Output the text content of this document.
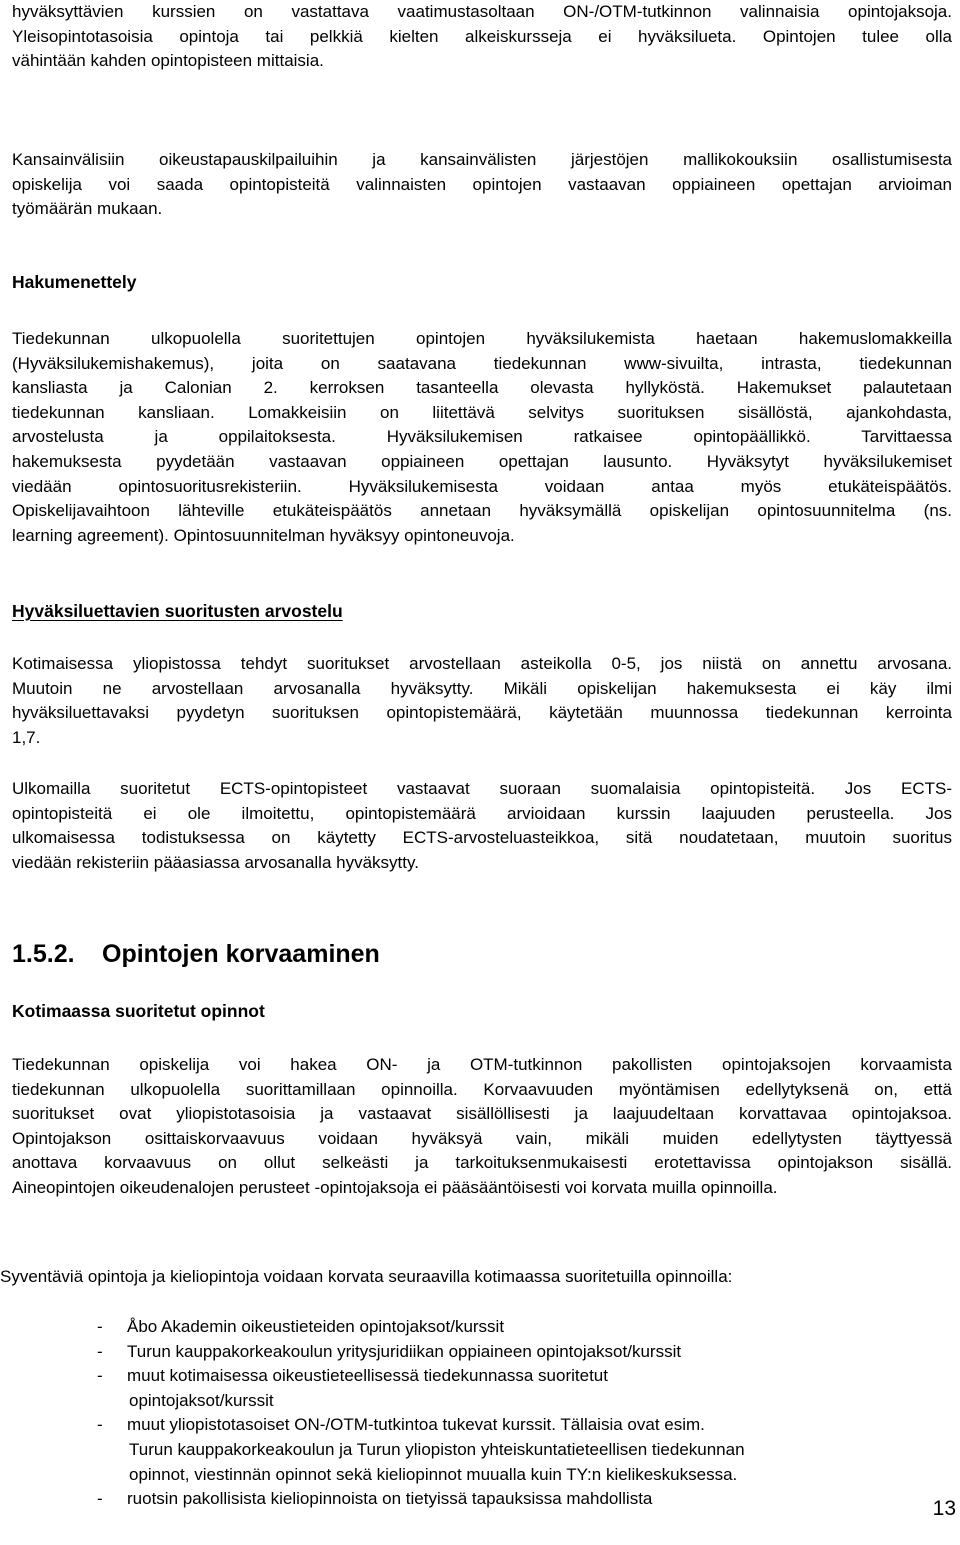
hyväksyttävien kurssien on vastattava vaatimustasoltaan ON-/OTM-tutkinnon valinnaisia opintojaksoja.
Yleisopintotasoisia opintoja tai pelkkiä kielten alkeiskursseja ei hyväksilueta. Opintojen tulee olla
vähintään kahden opintopisteen mittaisia.
Kansainvälisiin oikeustapauskilpailuihin ja kansainvälisten järjestöjen mallikokouksiin osallistumisesta
opiskelija voi saada opintopisteitä valinnaisten opintojen vastaavan oppiaineen opettajan arvioiman
työmäärän mukaan.
Hakumenettely
Tiedekunnan ulkopuolella suoritettujen opintojen hyväksilukemista haetaan hakemuslomakkeilla
(Hyväksilukemishakemus), joita on saatavana tiedekunnan www-sivuilta, intrasta, tiedekunnan
kansliasta ja Calonian 2. kerroksen tasanteella olevasta hyllyköstä. Hakemukset palautetaan
tiedekunnan kansliaan. Lomakkeisiin on liitettävä selvitys suorituksen sisällöstä, ajankohdasta,
arvostelusta ja oppilaitoksesta. Hyväksilukemisen ratkaisee opintopäällikkö. Tarvittaessa
hakemuksesta pyydetään vastaavan oppiaineen opettajan lausunto. Hyväksytyt hyväksilukemiset
viedään opintosuoritusrekisteriin. Hyväksilukemisesta voidaan antaa myös etukäteispäätös.
Opiskelijavaihtoon lähteville etukäteispäätös annetaan hyväksymällä opiskelijan opintosuunnitelma (ns.
learning agreement). Opintosuunnitelman hyväksyy opintoneuvoja.
Hyväksiluettavien suoritusten arvostelu
Kotimaisessa yliopistossa tehdyt suoritukset arvostellaan asteikolla 0-5, jos niistä on annettu arvosana.
Muutoin ne arvostellaan arvosanalla hyväksytty. Mikäli opiskelijan hakemuksesta ei käy ilmi
hyväksiluettavaksi pyydetyn suorituksen opintopistemäärä, käytetään muunnossa tiedekunnan kerrointa
1,7.
Ulkomailla suoritetut ECTS-opintopisteet vastaavat suoraan suomalaisia opintopisteitä. Jos ECTS-
opintopisteitä ei ole ilmoitettu, opintopistemäärä arvioidaan kurssin laajuuden perusteella. Jos
ulkomaisessa todistuksessa on käytetty ECTS-arvosteluasteikkoa, sitä noudatetaan, muutoin suoritus
viedään rekisteriin pääasiassa arvosanalla hyväksytty.
1.5.2. Opintojen korvaaminen
Kotimaassa suoritetut opinnot
Tiedekunnan opiskelija voi hakea ON- ja OTM-tutkinnon pakollisten opintojaksojen korvaamista
tiedekunnan ulkopuolella suorittamillaan opinnoilla. Korvaavuuden myöntämisen edellytyksenä on, että
suoritukset ovat yliopistotasoisia ja vastaavat sisällöllisesti ja laajuudeltaan korvattavaa opintojaksoa.
Opintojakson osittaiskorvaavuus voidaan hyväksyä vain, mikäli muiden edellytysten täyttyessä
anottava korvaavuus on ollut selkeästi ja tarkoituksenmukaisesti erotettavissa opintojakson sisällä.
Aineopintojen oikeudenalojen perusteet -opintojaksoja ei pääsääntöisesti voi korvata muilla opinnoilla.
Syventäviä opintoja ja kieliopintoja voidaan korvata seuraavilla kotimaassa suoritetuilla opinnoilla:
- Åbo Akademin oikeustieteiden opintojaksot/kurssit
- Turun kauppakorkeakoulun yritysjuridiikan oppiaineen opintojaksot/kurssit
- muut kotimaisessa oikeustieteellisessä tiedekunnassa suoritetut
opintojaksot/kurssit
- muut yliopistotasoiset ON-/OTM-tutkintoa tukevat kurssit. Tällaisia ovat esim.
Turun kauppakorkeakoulun ja Turun yliopiston yhteiskuntatieteellisen tiedekunnan
opinnot, viestinnän opinnot sekä kieliopinnot muualla kuin TY:n kielikeskuksessa.
- ruotsin pakollisista kieliopinnoista on tietyissä tapauksissa mahdollista	13
